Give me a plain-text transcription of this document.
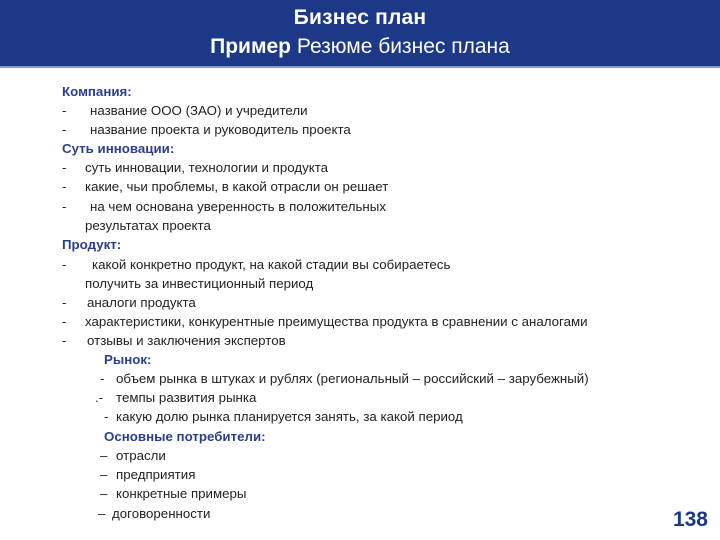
Бизнес план
Пример Резюме бизнес плана
Компания:
- название ООО (ЗАО) и учредители
- название проекта и руководитель проекта
Суть инновации:
- суть инновации, технологии и продукта
- какие, чьи проблемы, в какой отрасли он решает
- на чем основана уверенность в положительных
результатах проекта
Продукт:
- какой конкретно продукт, на какой стадии вы собираетесь
получить за инвестиционный период
- аналоги продукта
- характеристики, конкурентные преимущества продукта в сравнении с аналогами
- отзывы и заключения экспертов
Рынок:
- объем рынка в штуках и рублях (региональный – российский – зарубежный)
.- темпы развития рынка
- какую долю рынка планируется занять, за какой период
Основные потребители:
– отрасли
– предприятия
– конкретные примеры
– договоренности	138
